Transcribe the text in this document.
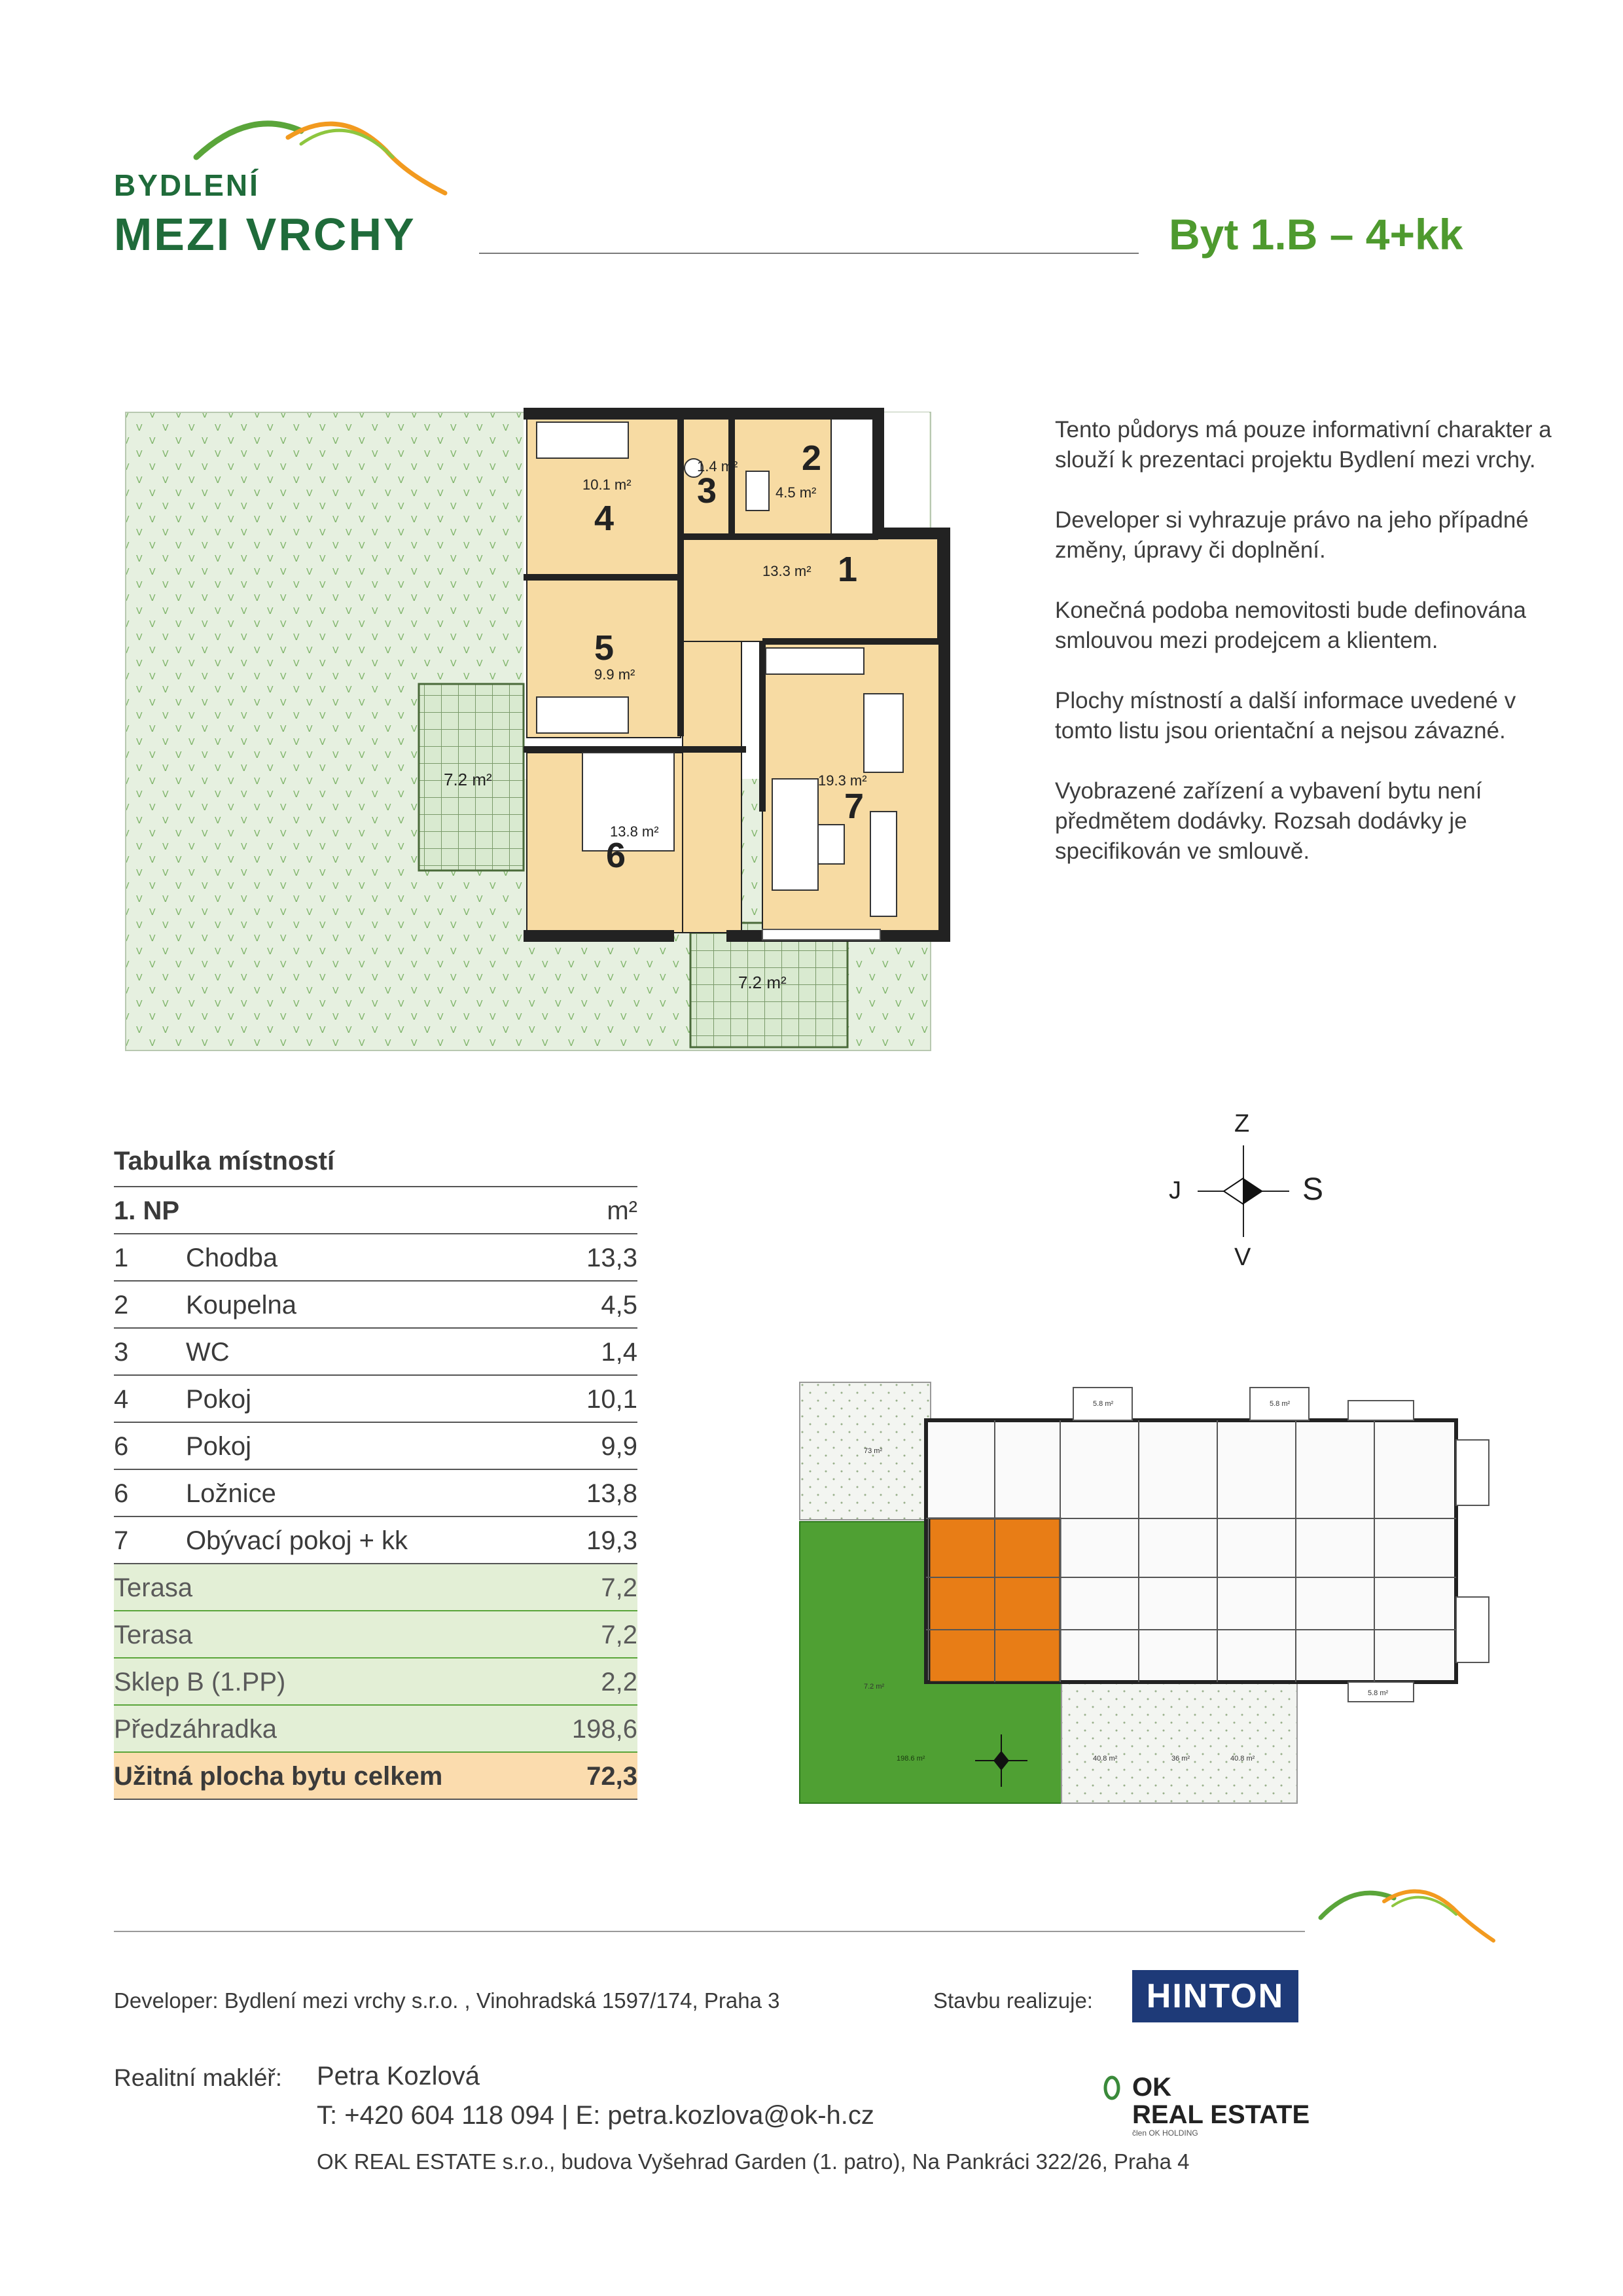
BYDLENÍ
MEZI VRCHY	Byt 1.B – 4+kk
10.1 m²
4
2
4.5 m²
3
1.4 m²
13.3 m² 1
5
9.9 m²
13.8 m²
6
19.3 m²
7
7.2 m²
7.2 m²

Tento půdorys má pouze informativní charakter a slouží k prezentaci projektu Bydlení mezi vrchy.

Developer si vyhrazuje právo na jeho případné změny, úpravy či doplnění.

Konečná podoba nemovitosti bude definována smlouvou mezi prodejcem a klientem.

Plochy místností a další informace uvedené v tomto listu jsou orientační a nejsou závazné.

Vyobrazené zařízení a vybavení bytu není předmětem dodávky. Rozsah dodávky je specifikován ve smlouvě.

Tabulka místností
1. NP	m²
1 Chodba	13,3
2 Koupelna	4,5
3 WC	1,4
4 Pokoj	10,1
6 Pokoj	9,9
6 Ložnice	13,8
7 Obývací pokoj + kk	19,3
Terasa	7,2
Terasa	7,2
Sklep B (1.PP)	2,2
Předzáhradka	198,6
Užitná plocha bytu celkem	72,3
Z
V
J	S
73 m²
7.2 m²
40.8 m²	36 m²	40.8 m²
5.8 m²	5.8 m²
5.8 m²
198.6 m²
Developer: Bydlení mezi vrchy s.r.o. , Vinohradská 1597/174, Praha 3	Stavbu realizuje:	HINTON
Realitní makléř: Petra Kozlová
T: +420 604 118 094 | E: petra.kozlova@ok-h.cz
OK
REAL ESTATE
člen OK HOLDING
OK REAL ESTATE s.r.o., budova Vyšehrad Garden (1. patro), Na Pankráci 322/26, Praha 4
